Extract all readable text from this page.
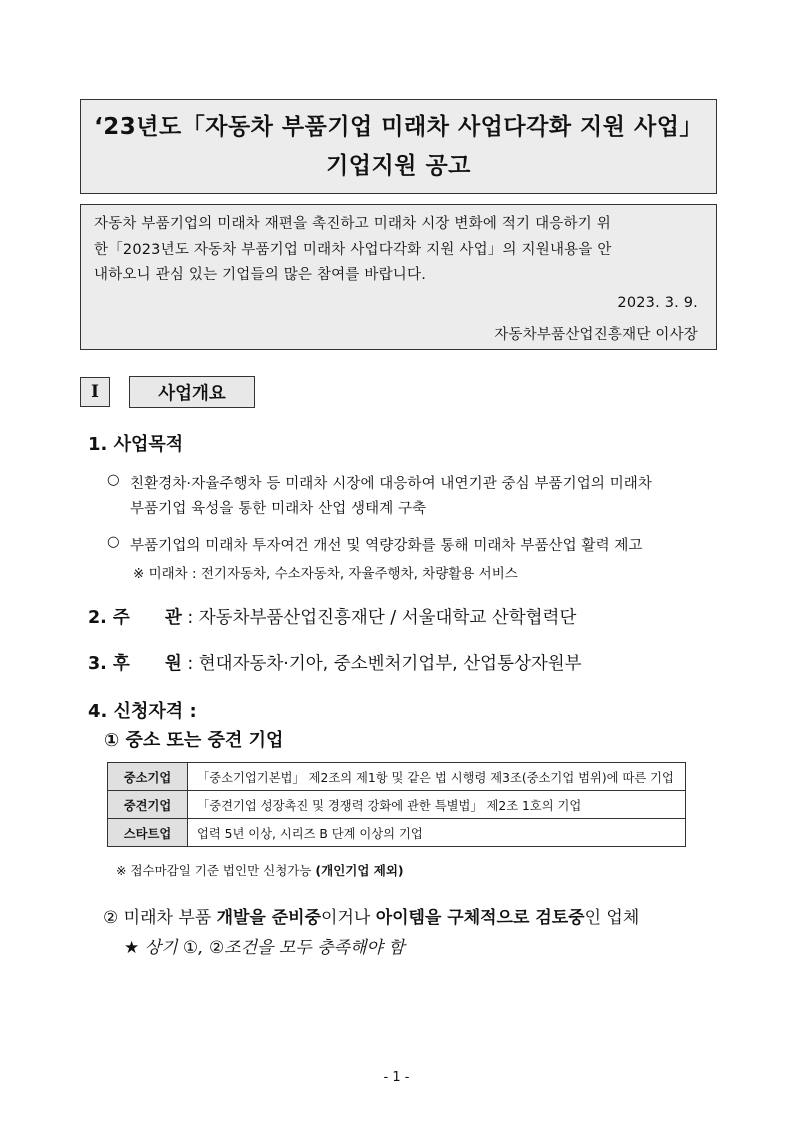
‘23년도「자동차 부품기업 미래차 사업다각화 지원 사업」
기업지원 공고
자동차 부품기업의 미래차 재편을 촉진하고 미래차 시장 변화에 적기 대응하기 위
한「2023년도 자동차 부품기업 미래차 사업다각화 지원 사업」의 지원내용을 안
내하오니 관심 있는 기업들의 많은 참여를 바랍니다.
2023. 3. 9.
자동차부품산업진흥재단 이사장
I	사업개요
1. 사업목적
○ 친환경차·자율주행차 등 미래차 시장에 대응하여 내연기관 중심 부품기업의 미래차
부품기업 육성을 통한 미래차 산업 생태계 구축
○ 부품기업의 미래차 투자여건 개선 및 역량강화를 통해 미래차 부품산업 활력 제고
※ 미래차 : 전기자동차, 수소자동차, 자율주행차, 차량활용 서비스
2. 주　　관 : 자동차부품산업진흥재단 / 서울대학교 산학협력단
3. 후　　원 : 현대자동차·기아, 중소벤처기업부, 산업통상자원부
4. 신청자격 :
① 중소 또는 중견 기업
중소기업	「중소기업기본법」 제2조의 제1항 및 같은 법 시행령 제3조(중소기업 범위)에 따른 기업
중견기업	「중견기업 성장촉진 및 경쟁력 강화에 관한 특별법」 제2조 1호의 기업
스타트업	업력 5년 이상, 시리즈 B 단계 이상의 기업
※ 접수마감일 기준 법인만 신청가능 (개인기업 제외)
② 미래차 부품 개발을 준비중이거나 아이템을 구체적으로 검토중인 업체
★ 상기 ①, ②조건을 모두 충족해야 함
- 1 -
